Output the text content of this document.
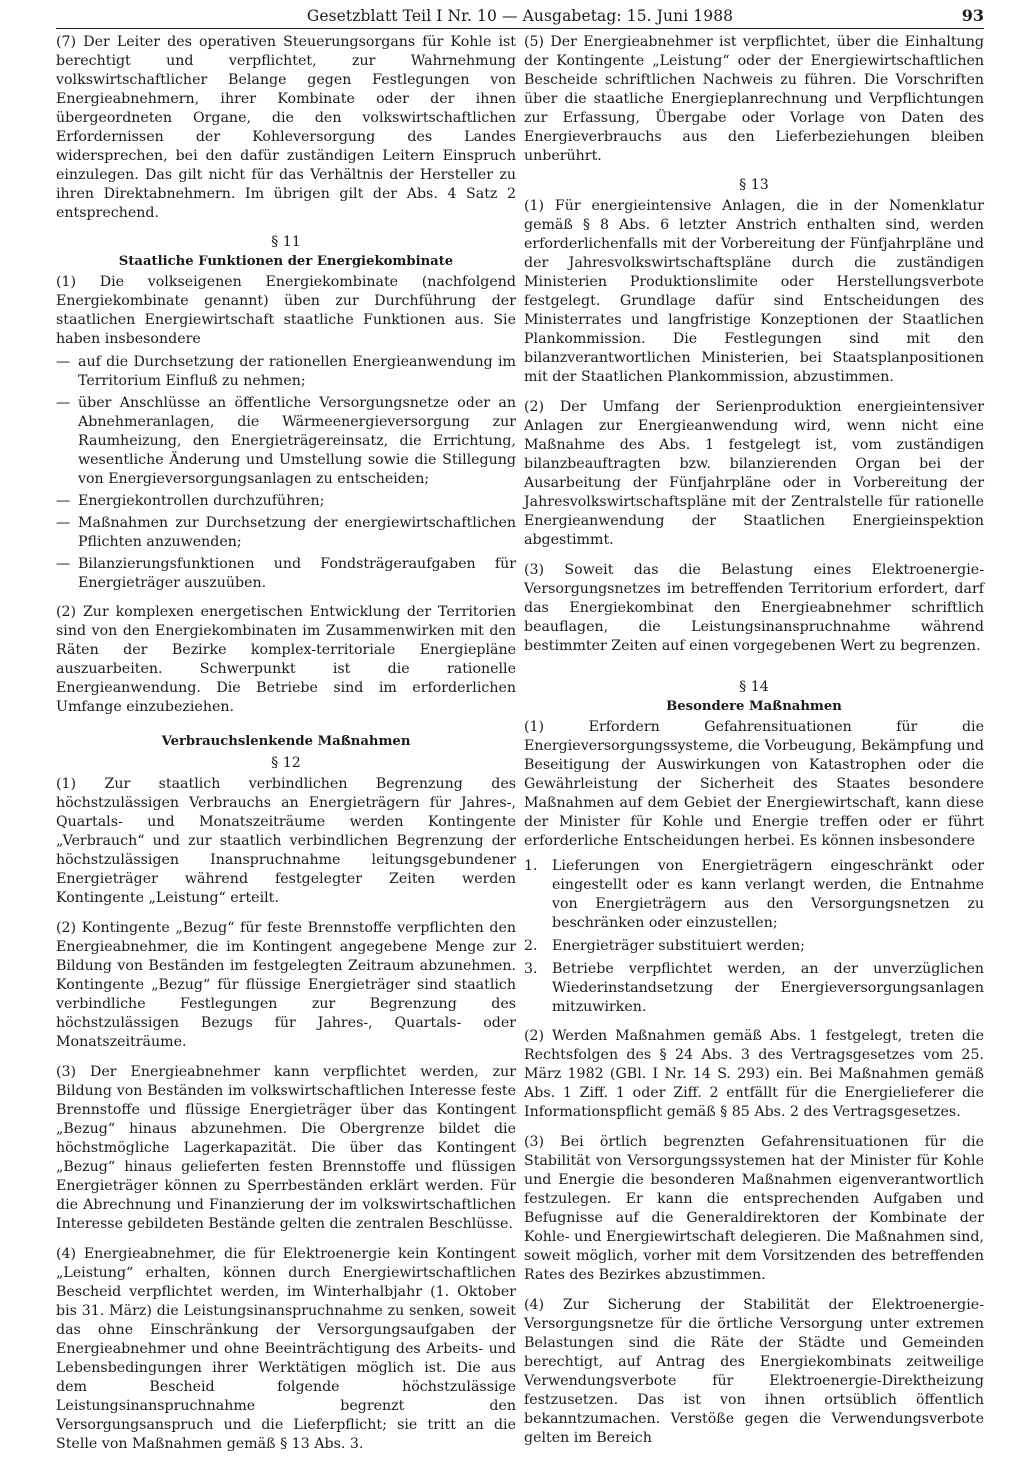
Gesetzblatt Teil I Nr. 10 — Ausgabetag: 15. Juni 1988	93

(7) Der Leiter des operativen Steuerungsorgans für Kohle ist berechtigt und verpflichtet, zur Wahrnehmung volkswirtschaftlicher Belange gegen Festlegungen von Energieabnehmern, ihrer Kombinate oder der ihnen übergeordneten Organe, die den volkswirtschaftlichen Erfordernissen der Kohleversorgung des Landes widersprechen, bei den dafür zuständigen Leitern Einspruch einzulegen. Das gilt nicht für das Verhältnis der Hersteller zu ihren Direktabnehmern. Im übrigen gilt der Abs. 4 Satz 2 entsprechend.

§ 11
Staatliche Funktionen der Energiekombinate

(1) Die volkseigenen Energiekombinate (nachfolgend Energiekombinate genannt) üben zur Durchführung der staatlichen Energiewirtschaft staatliche Funktionen aus. Sie haben insbesondere

— auf die Durchsetzung der rationellen Energieanwendung im Territorium Einfluß zu nehmen;
— über Anschlüsse an öffentliche Versorgungsnetze oder an Abnehmeranlagen, die Wärmeenergieversorgung zur Raumheizung, den Energieträgereinsatz, die Errichtung, wesentliche Änderung und Umstellung sowie die Stillegung von Energieversorgungsanlagen zu entscheiden;
— Energiekontrollen durchzuführen;
— Maßnahmen zur Durchsetzung der energiewirtschaftlichen Pflichten anzuwenden;
— Bilanzierungsfunktionen und Fondsträgeraufgaben für Energieträger auszuüben.

(2) Zur komplexen energetischen Entwicklung der Territorien sind von den Energiekombinaten im Zusammenwirken mit den Räten der Bezirke komplex-territoriale Energiepläne auszuarbeiten. Schwerpunkt ist die rationelle Energieanwendung. Die Betriebe sind im erforderlichen Umfange einzubeziehen.

Verbrauchslenkende Maßnahmen
§ 12

(1) Zur staatlich verbindlichen Begrenzung des höchstzulässigen Verbrauchs an Energieträgern für Jahres-, Quartals- und Monatszeiträume werden Kontingente „Verbrauch“ und zur staatlich verbindlichen Begrenzung der höchstzulässigen Inanspruchnahme leitungsgebundener Energieträger während festgelegter Zeiten werden Kontingente „Leistung“ erteilt.

(2) Kontingente „Bezug“ für feste Brennstoffe verpflichten den Energieabnehmer, die im Kontingent angegebene Menge zur Bildung von Beständen im festgelegten Zeitraum abzunehmen. Kontingente „Bezug“ für flüssige Energieträger sind staatlich verbindliche Festlegungen zur Begrenzung des höchstzulässigen Bezugs für Jahres-, Quartals- oder Monatszeiträume.

(3) Der Energieabnehmer kann verpflichtet werden, zur Bildung von Beständen im volkswirtschaftlichen Interesse feste Brennstoffe und flüssige Energieträger über das Kontingent „Bezug“ hinaus abzunehmen. Die Obergrenze bildet die höchstmögliche Lagerkapazität. Die über das Kontingent „Bezug“ hinaus gelieferten festen Brennstoffe und flüssigen Energieträger können zu Sperrbeständen erklärt werden. Für die Abrechnung und Finanzierung der im volkswirtschaftlichen Interesse gebildeten Bestände gelten die zentralen Beschlüsse.

(4) Energieabnehmer, die für Elektroenergie kein Kontingent „Leistung“ erhalten, können durch Energiewirtschaftlichen Bescheid verpflichtet werden, im Winterhalbjahr (1. Oktober bis 31. März) die Leistungsinanspruchnahme zu senken, soweit das ohne Einschränkung der Versorgungsaufgaben der Energieabnehmer und ohne Beeinträchtigung des Arbeits- und Lebensbedingungen ihrer Werktätigen möglich ist. Die aus dem Bescheid folgende höchstzulässige Leistungsinanspruchnahme begrenzt den Versorgungsanspruch und die Lieferpflicht; sie tritt an die Stelle von Maßnahmen gemäß § 13 Abs. 3.

(5) Der Energieabnehmer ist verpflichtet, über die Einhaltung der Kontingente „Leistung“ oder der Energiewirtschaftlichen Bescheide schriftlichen Nachweis zu führen. Die Vorschriften über die staatliche Energieplanrechnung und Verpflichtungen zur Erfassung, Übergabe oder Vorlage von Daten des Energieverbrauchs aus den Lieferbeziehungen bleiben unberührt.

§ 13

(1) Für energieintensive Anlagen, die in der Nomenklatur gemäß § 8 Abs. 6 letzter Anstrich enthalten sind, werden erforderlichenfalls mit der Vorbereitung der Fünfjahrpläne und der Jahresvolkswirtschaftspläne durch die zuständigen Ministerien Produktionslimite oder Herstellungsverbote festgelegt. Grundlage dafür sind Entscheidungen des Ministerrates und langfristige Konzeptionen der Staatlichen Plankommission. Die Festlegungen sind mit den bilanzverantwortlichen Ministerien, bei Staatsplanpositionen mit der Staatlichen Plankommission, abzustimmen.

(2) Der Umfang der Serienproduktion energieintensiver Anlagen zur Energieanwendung wird, wenn nicht eine Maßnahme des Abs. 1 festgelegt ist, vom zuständigen bilanzbeauftragten bzw. bilanzierenden Organ bei der Ausarbeitung der Fünfjahrpläne oder in Vorbereitung der Jahresvolkswirtschaftspläne mit der Zentralstelle für rationelle Energieanwendung der Staatlichen Energieinspektion abgestimmt.

(3) Soweit das die Belastung eines Elektroenergie-Versorgungsnetzes im betreffenden Territorium erfordert, darf das Energiekombinat den Energieabnehmer schriftlich beauflagen, die Leistungsinanspruchnahme während bestimmter Zeiten auf einen vorgegebenen Wert zu begrenzen.

§ 14
Besondere Maßnahmen

(1) Erfordern Gefahrensituationen für die Energieversorgungssysteme, die Vorbeugung, Bekämpfung und Beseitigung der Auswirkungen von Katastrophen oder die Gewährleistung der Sicherheit des Staates besondere Maßnahmen auf dem Gebiet der Energiewirtschaft, kann diese der Minister für Kohle und Energie treffen oder er führt erforderliche Entscheidungen herbei. Es können insbesondere

1. Lieferungen von Energieträgern eingeschränkt oder eingestellt oder es kann verlangt werden, die Entnahme von Energieträgern aus den Versorgungsnetzen zu beschränken oder einzustellen;
2. Energieträger substituiert werden;
3. Betriebe verpflichtet werden, an der unverzüglichen Wiederinstandsetzung der Energieversorgungsanlagen mitzuwirken.

(2) Werden Maßnahmen gemäß Abs. 1 festgelegt, treten die Rechtsfolgen des § 24 Abs. 3 des Vertragsgesetzes vom 25. März 1982 (GBl. I Nr. 14 S. 293) ein. Bei Maßnahmen gemäß Abs. 1 Ziff. 1 oder Ziff. 2 entfällt für die Energielieferer die Informationspflicht gemäß § 85 Abs. 2 des Vertragsgesetzes.

(3) Bei örtlich begrenzten Gefahrensituationen für die Stabilität von Versorgungssystemen hat der Minister für Kohle und Energie die besonderen Maßnahmen eigenverantwortlich festzulegen. Er kann die entsprechenden Aufgaben und Befugnisse auf die Generaldirektoren der Kombinate der Kohle- und Energiewirtschaft delegieren. Die Maßnahmen sind, soweit möglich, vorher mit dem Vorsitzenden des betreffenden Rates des Bezirkes abzustimmen.

(4) Zur Sicherung der Stabilität der Elektroenergie-Versorgungsnetze für die örtliche Versorgung unter extremen Belastungen sind die Räte der Städte und Gemeinden berechtigt, auf Antrag des Energiekombinats zeitweilige Verwendungsverbote für Elektroenergie-Direktheizung festzusetzen. Das ist von ihnen ortsüblich öffentlich bekanntzumachen. Verstöße gegen die Verwendungsverbote gelten im Bereich
